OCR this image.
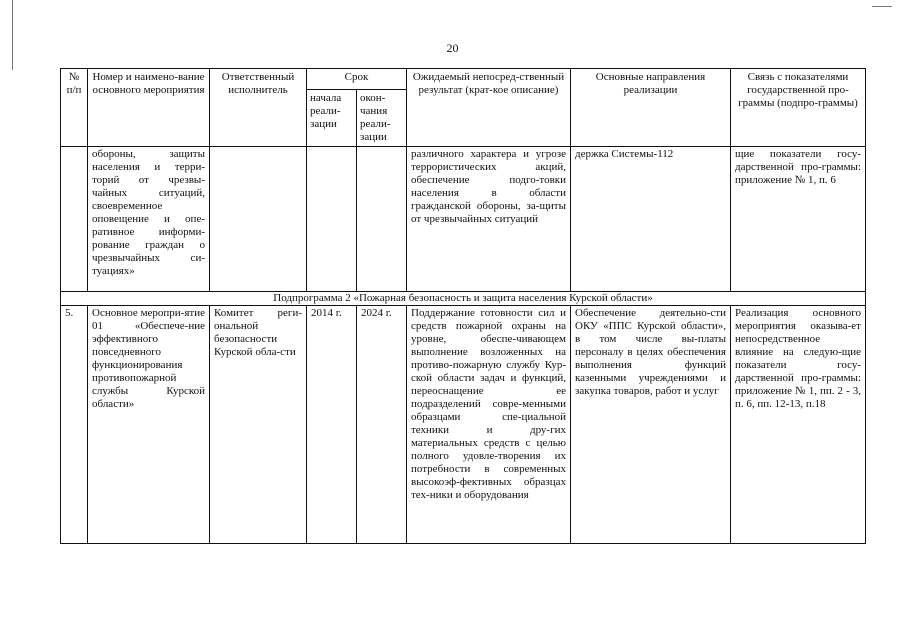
20
№ п/п	Номер и наимено-вание основного мероприятия	Ответственный исполнитель	Срок		Ожидаемый непосред-ственный результат (крат-кое описание)	Основные направления реализации	Связь с показателями государственной про-граммы (подпро-граммы)
			начала реали-зации	окон-чания реали-зации			
	обороны, защиты населения и терри-торий от чрезвы-чайных ситуаций, своевременное оповещение и опе-ративное информи-рование граждан о чрезвычайных си-туациях»				различного характера и угрозе террористических акций, обеспечение подго-товки населения в области гражданской обороны, за-щиты от чрезвычайных ситуаций	держка Системы-112	щие показатели госу-дарственной про-граммы: приложение № 1, п. 6
Подпрограмма 2 «Пожарная безопасность и защита населения Курской области»							
5.	Основное меропри-ятие 01 «Обеспече-ние эффективного повседневного функционирования противопожарной службы Курской области»	Комитет реги-ональной безопасности Курской обла-сти	2014 г.	2024 г.	Поддержание готовности сил и средств пожарной охраны на уровне, обеспе-чивающем выполнение возложенных на противо-пожарную службу Кур-ской области задач и функций, переоснащение ее подразделений совре-менными образцами спе-циальной техники и дру-гих материальных средств с целью полного удовле-творения их потребности в современных высокоэф-фективных образцах тех-ники и оборудования	Обеспечение деятельно-сти ОКУ «ППС Курской области», в том числе вы-платы персоналу в целях обеспечения выполнения функций казенными учреждениями и закупка товаров, работ и услуг	Реализация основного мероприятия оказыва-ет непосредственное влияние на следую-щие показатели госу-дарственной про-граммы: приложение № 1, пп. 2 - 3, п. 6, пп. 12-13, п.18
